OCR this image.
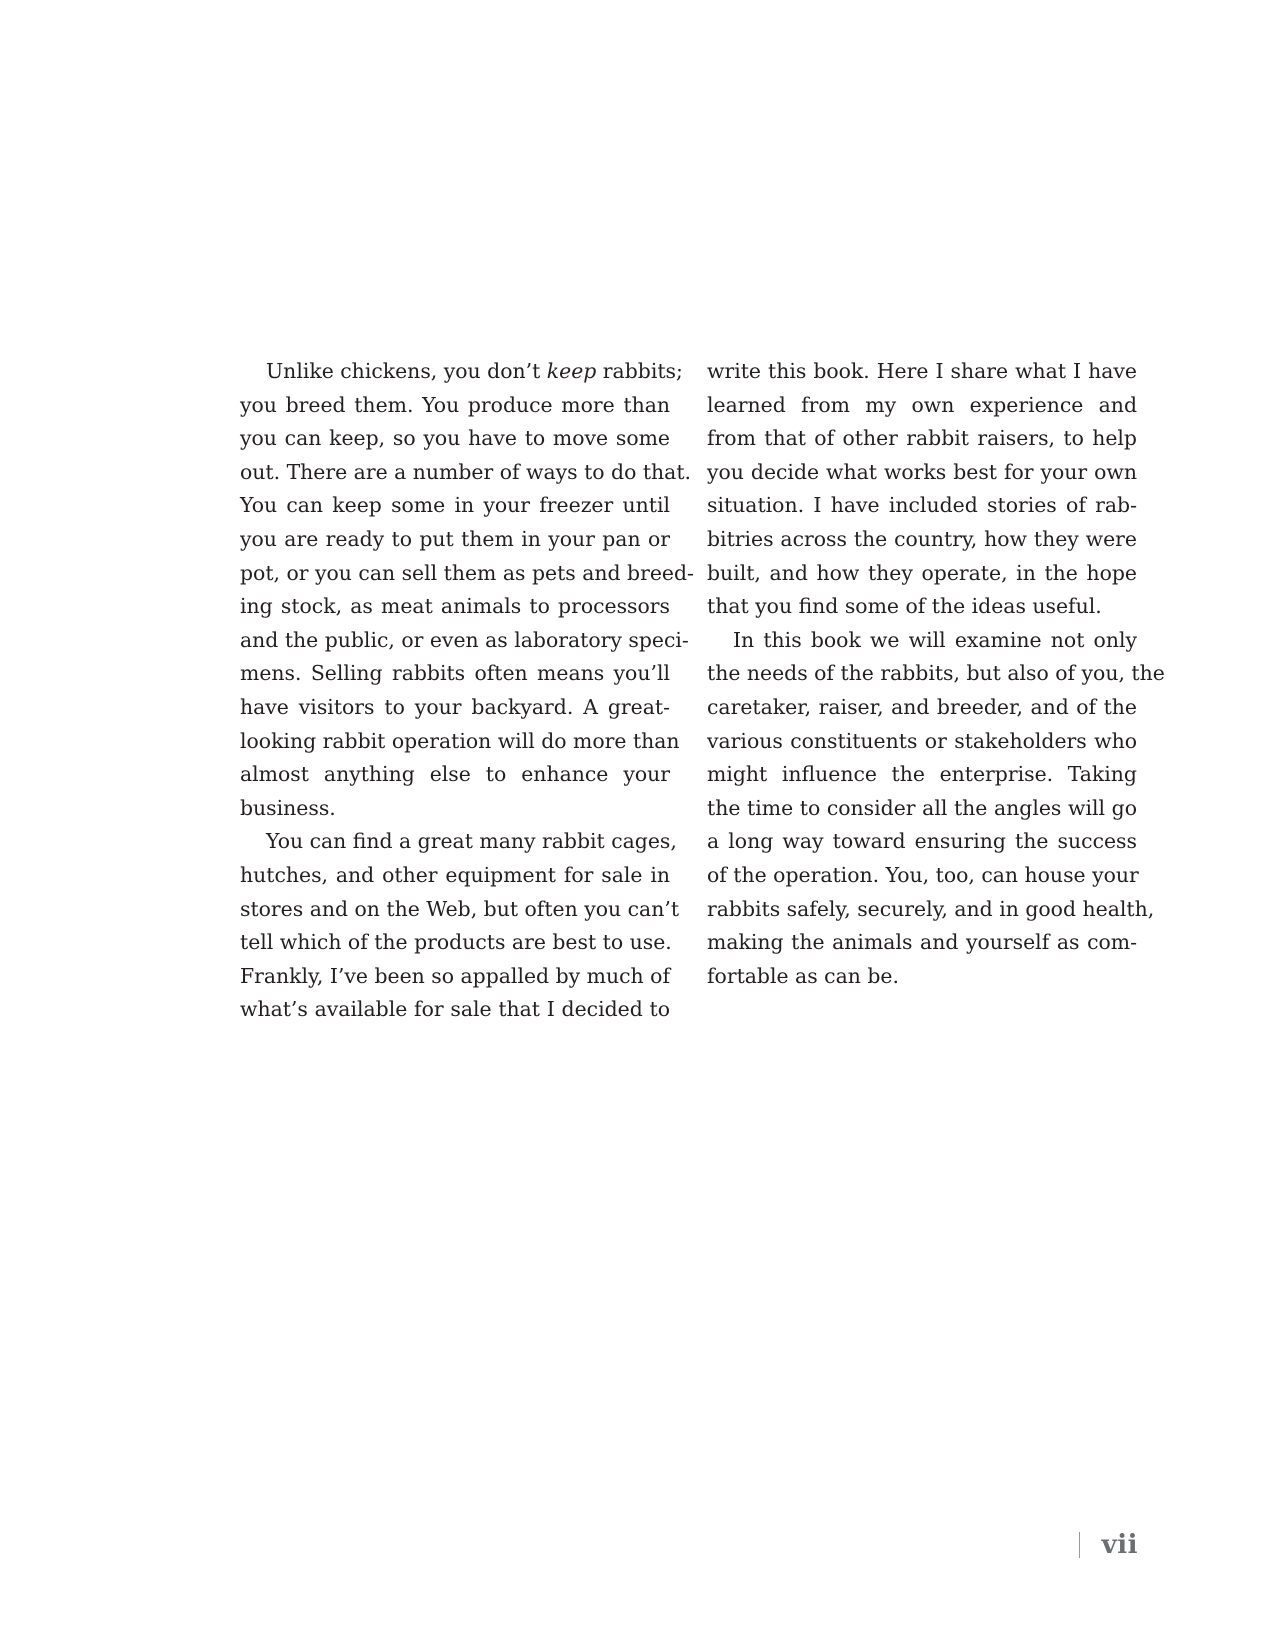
Unlike chickens, you don’t keep rabbits;
you breed them. You produce more than
you can keep, so you have to move some
out. There are a number of ways to do that.
You can keep some in your freezer until
you are ready to put them in your pan or
pot, or you can sell them as pets and breed-
ing stock, as meat animals to processors
and the public, or even as laboratory speci-
mens. Selling rabbits often means you’ll
have visitors to your backyard. A great-
looking rabbit operation will do more than
almost anything else to enhance your
business.

You can find a great many rabbit cages,
hutches, and other equipment for sale in
stores and on the Web, but often you can’t
tell which of the products are best to use.
Frankly, I’ve been so appalled by much of
what’s available for sale that I decided to

write this book. Here I share what I have
learned from my own experience and
from that of other rabbit raisers, to help
you decide what works best for your own
situation. I have included stories of rab-
bitries across the country, how they were
built, and how they operate, in the hope
that you find some of the ideas useful.

In this book we will examine not only
the needs of the rabbits, but also of you, the
caretaker, raiser, and breeder, and of the
various constituents or stakeholders who
might influence the enterprise. Taking
the time to consider all the angles will go
a long way toward ensuring the success
of the operation. You, too, can house your
rabbits safely, securely, and in good health,
making the animals and yourself as com-
fortable as can be.

vii
